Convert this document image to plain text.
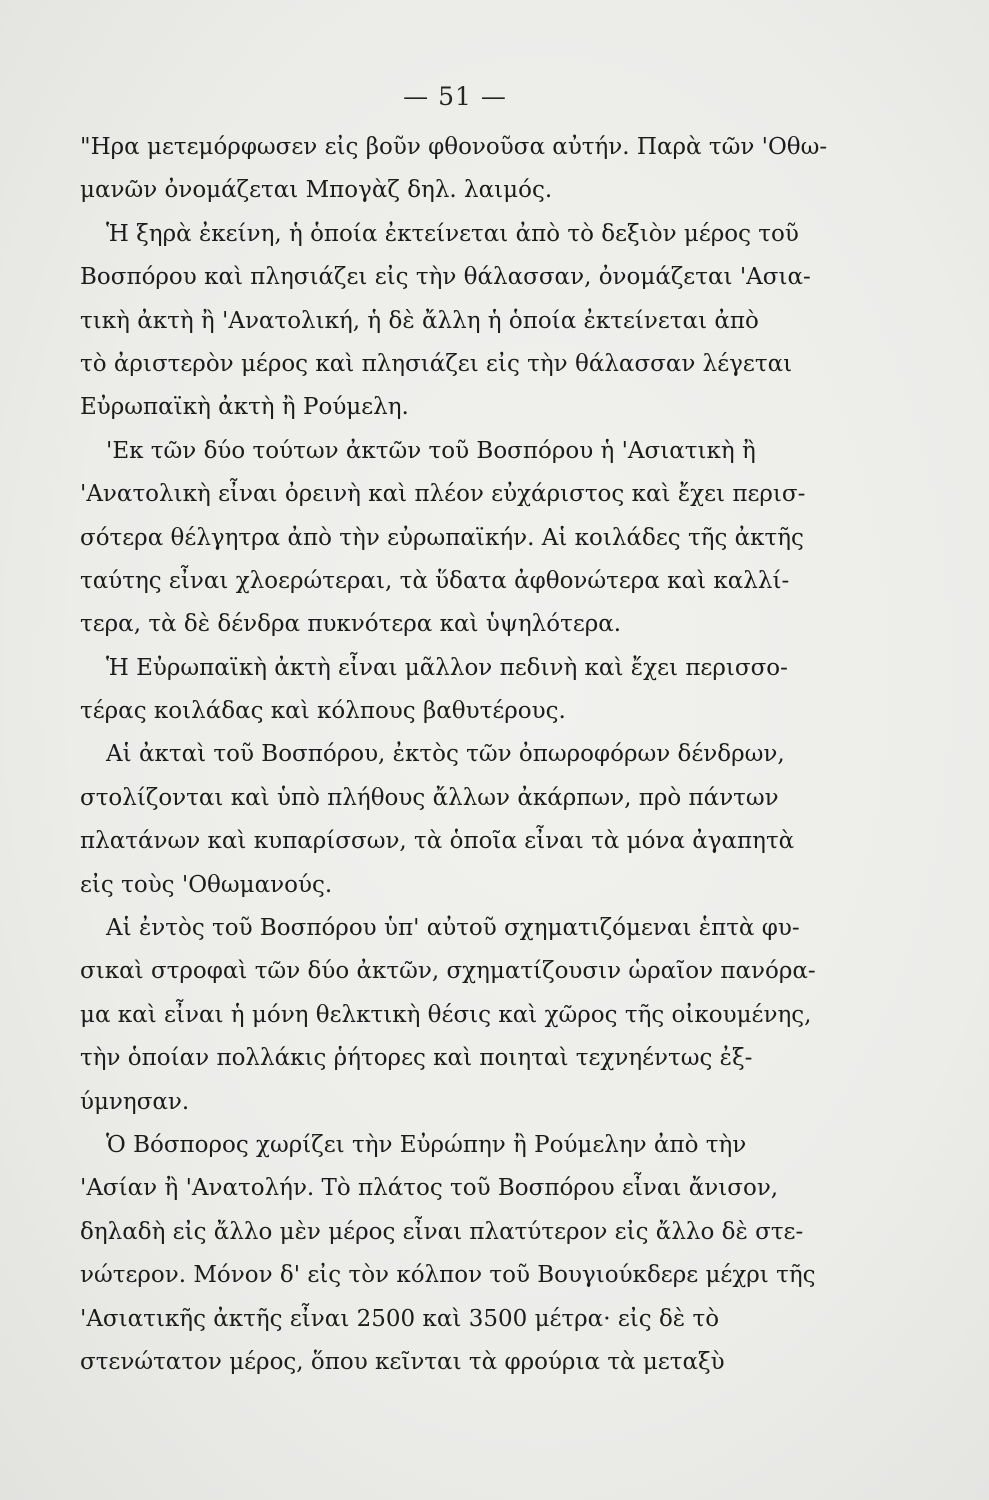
— 51 —
"Ηρα μετεμόρφωσεν εἰς βοῦν φθονοῦσα αὐτήν. Παρὰ τῶν 'Οθω-
μανῶν ὀνομάζεται Μπογὰζ δηλ. λαιμός.
Ἡ ξηρὰ ἐκείνη, ἡ ὁποία ἐκτείνεται ἀπὸ τὸ δεξιὸν μέρος τοῦ
Βοσπόρου καὶ πλησιάζει εἰς τὴν θάλασσαν, ὀνομάζεται 'Ασια-
τικὴ ἀκτὴ ἢ 'Ανατολική, ἡ δὲ ἄλλη ἡ ὁποία ἐκτείνεται ἀπὸ
τὸ ἀριστερὸν μέρος καὶ πλησιάζει εἰς τὴν θάλασσαν λέγεται
Εὐρωπαϊκὴ ἀκτὴ ἢ Ρούμελη.
'Εκ τῶν δύο τούτων ἀκτῶν τοῦ Βοσπόρου ἡ 'Ασιατικὴ ἢ
'Ανατολικὴ εἶναι ὀρεινὴ καὶ πλέον εὐχάριστος καὶ ἔχει περισ-
σότερα θέλγητρα ἀπὸ τὴν εὐρωπαϊκήν. Αἱ κοιλάδες τῆς ἀκτῆς
ταύτης εἶναι χλοερώτεραι, τὰ ὕδατα ἀφθονώτερα καὶ καλλί-
τερα, τὰ δὲ δένδρα πυκνότερα καὶ ὑψηλότερα.
Ἡ Εὐρωπαϊκὴ ἀκτὴ εἶναι μᾶλλον πεδινὴ καὶ ἔχει περισσο-
τέρας κοιλάδας καὶ κόλπους βαθυτέρους.
Αἱ ἀκταὶ τοῦ Βοσπόρου, ἐκτὸς τῶν ὀπωροφόρων δένδρων,
στολίζονται καὶ ὑπὸ πλήθους ἄλλων ἀκάρπων, πρὸ πάντων
πλατάνων καὶ κυπαρίσσων, τὰ ὁποῖα εἶναι τὰ μόνα ἀγαπητὰ
εἰς τοὺς 'Οθωμανούς.
Αἱ ἐντὸς τοῦ Βοσπόρου ὑπ' αὐτοῦ σχηματιζόμεναι ἑπτὰ φυ-
σικαὶ στροφαὶ τῶν δύο ἀκτῶν, σχηματίζουσιν ὡραῖον πανόρα-
μα καὶ εἶναι ἡ μόνη θελκτικὴ θέσις καὶ χῶρος τῆς οἰκουμένης,
τὴν ὁποίαν πολλάκις ῥήτορες καὶ ποιηταὶ τεχνηέντως ἐξ-
ύμνησαν.
Ὁ Βόσπορος χωρίζει τὴν Εὐρώπην ἢ Ρούμελην ἀπὸ τὴν
'Ασίαν ἢ 'Ανατολήν. Τὸ πλάτος τοῦ Βοσπόρου εἶναι ἄνισον,
δηλαδὴ εἰς ἄλλο μὲν μέρος εἶναι πλατύτερον εἰς ἄλλο δὲ στε-
νώτερον. Μόνον δ' εἰς τὸν κόλπον τοῦ Βουγιούκδερε μέχρι τῆς
'Ασιατικῆς ἀκτῆς εἶναι 2500 καὶ 3500 μέτρα· εἰς δὲ τὸ
στενώτατον μέρος, ὅπου κεῖνται τὰ φρούρια τὰ μεταξὺ
